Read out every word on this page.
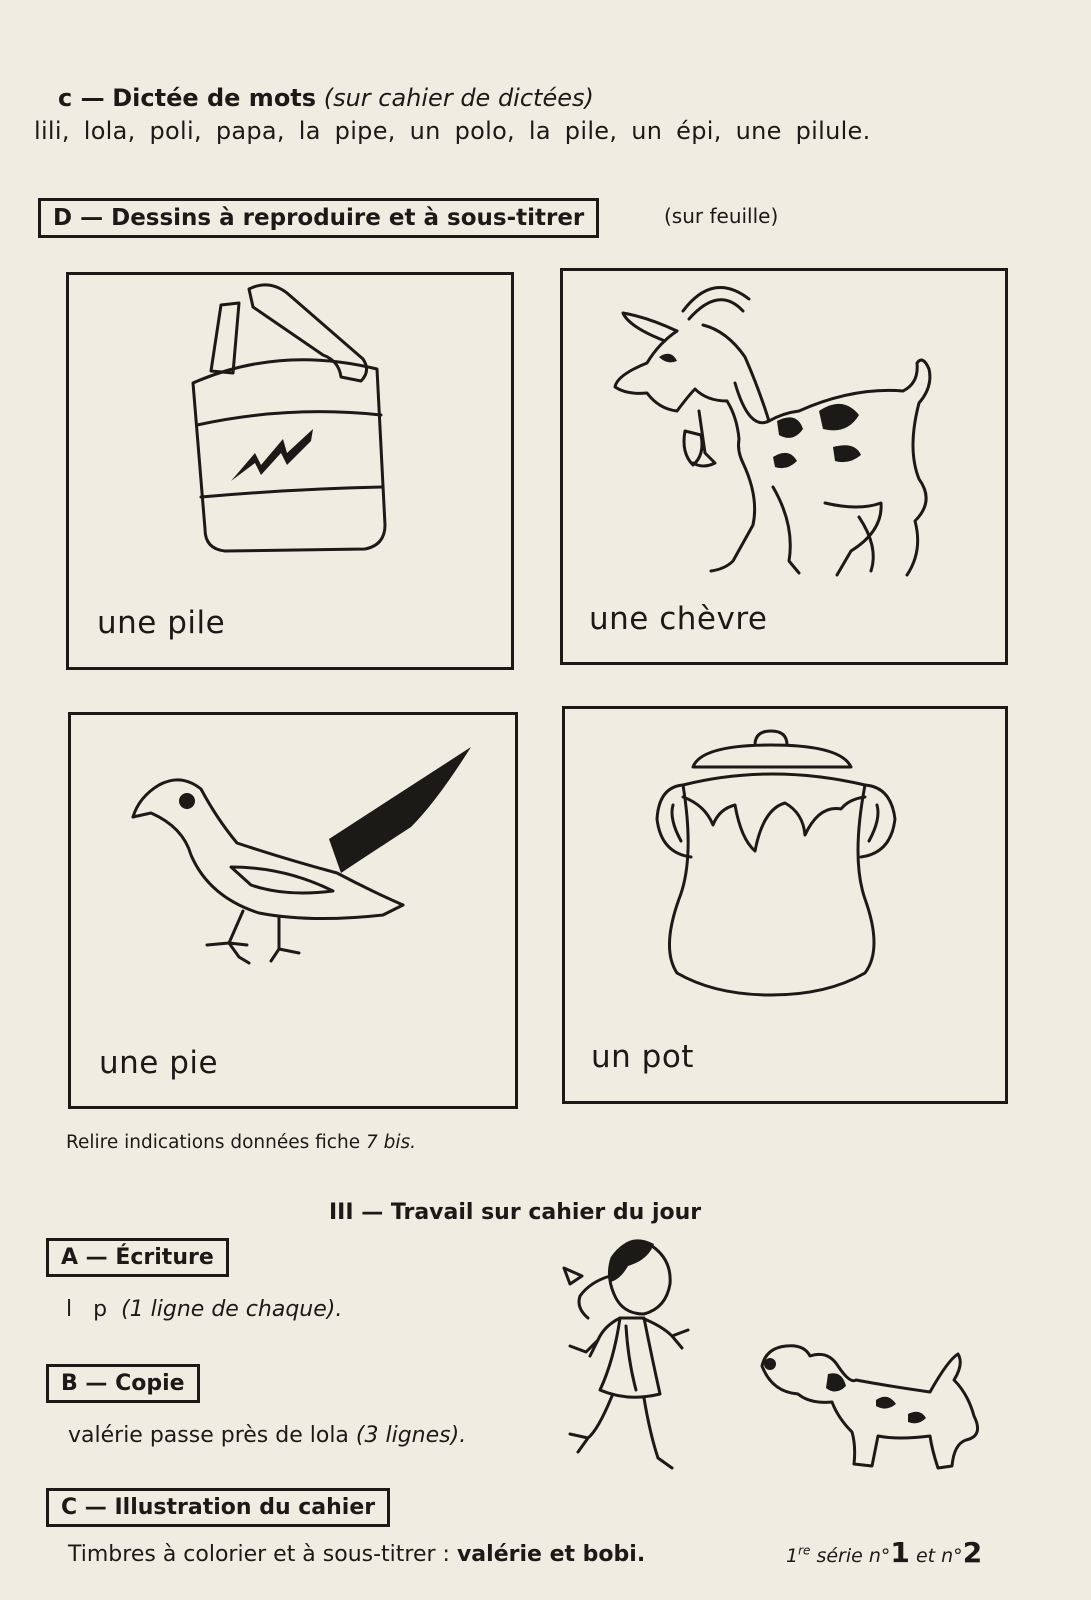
c — Dictée de mots (sur cahier de dictées)
lili, lola, poli, papa, la pipe, un polo, la pile, un épi, une pilule.
D — Dessins à reproduire et à sous-titrer	(sur feuille)
une pile	une chèvre
une pie	un pot
Relire indications données fiche 7 bis.
III — Travail sur cahier du jour
A — Écriture
l p (1 ligne de chaque).
B — Copie
valérie passe près de lola (3 lignes).
C — Illustration du cahier
Timbres à colorier et à sous-titrer : valérie et bobi.	1re série n°1 et n°2
